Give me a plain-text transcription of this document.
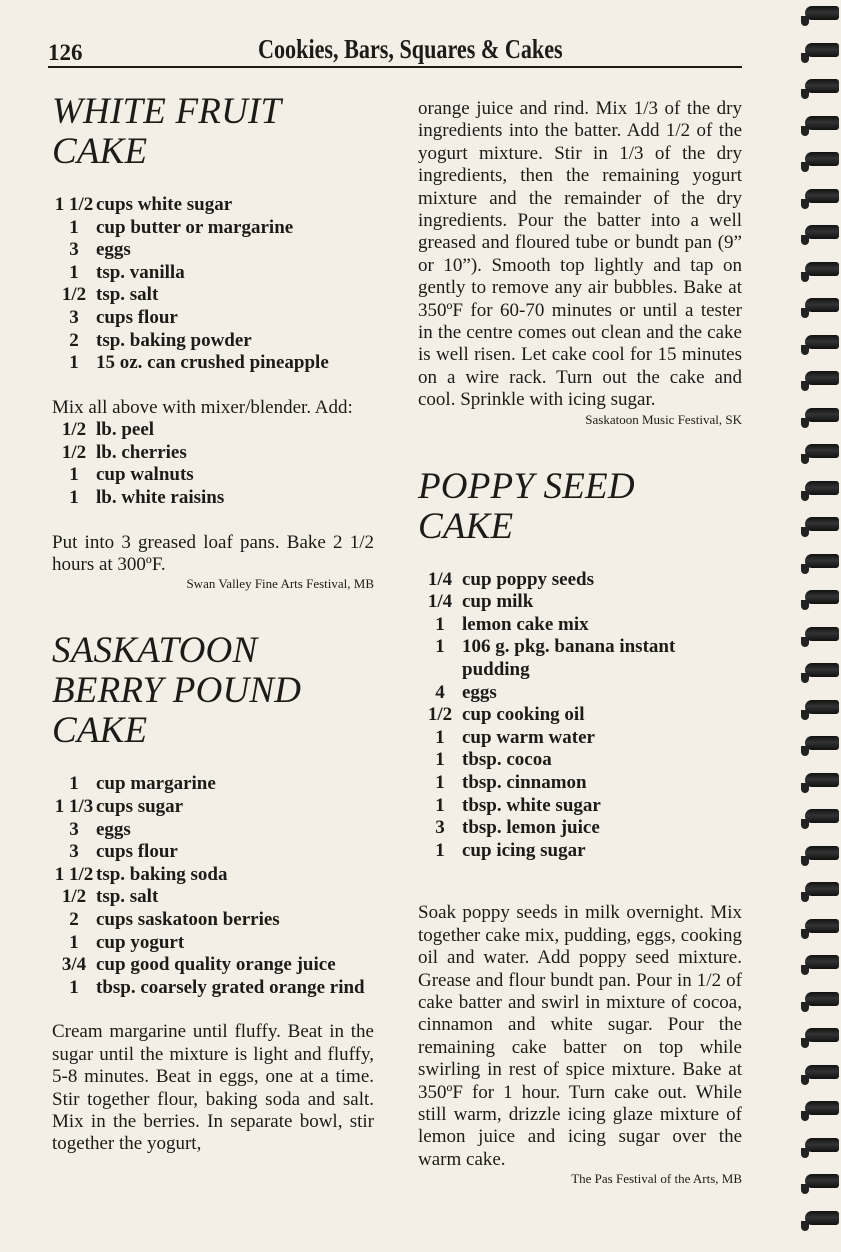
126	Cookies, Bars, Squares & Cakes
WHITE FRUIT
CAKE
1 1/2 cups white sugar
1 cup butter or margarine
3 eggs
1 tsp. vanilla
1/2 tsp. salt
3 cups flour
2 tsp. baking powder
1 15 oz. can crushed pineapple

Mix all above with mixer/blender. Add:

1/2 lb. peel
1/2 lb. cherries
1 cup walnuts
1 lb. white raisins

Put into 3 greased loaf pans. Bake 2 1/2 hours at 300ºF.

Swan Valley Fine Arts Festival, MB

SASKATOON
BERRY POUND
CAKE
1 cup margarine
1 1/3 cups sugar
3 eggs
3 cups flour
1 1/2 tsp. baking soda
1/2 tsp. salt
2 cups saskatoon berries
1 cup yogurt
3/4 cup good quality orange juice
1 tbsp. coarsely grated orange rind

Cream margarine until fluffy. Beat in the sugar until the mixture is light and fluffy, 5-8 minutes. Beat in eggs, one at a time. Stir together flour, baking soda and salt. Mix in the berries. In separate bowl, stir together the yogurt,

orange juice and rind. Mix 1/3 of the dry ingredients into the batter. Add 1/2 of the yogurt mixture. Stir in 1/3 of the dry ingredients, then the remaining yogurt mixture and the remainder of the dry ingredients. Pour the batter into a well greased and floured tube or bundt pan (9” or 10”). Smooth top lightly and tap on gently to remove any air bubbles. Bake at 350ºF for 60-70 minutes or until a tester in the centre comes out clean and the cake is well risen. Let cake cool for 15 minutes on a wire rack. Turn out the cake and cool. Sprinkle with icing sugar.

Saskatoon Music Festival, SK

POPPY SEED
CAKE
1/4 cup poppy seeds
1/4 cup milk
1 lemon cake mix
1 106 g. pkg. banana instant pudding
4 eggs
1/2 cup cooking oil
1 cup warm water
1 tbsp. cocoa
1 tbsp. cinnamon
1 tbsp. white sugar
3 tbsp. lemon juice
1 cup icing sugar

Soak poppy seeds in milk overnight. Mix together cake mix, pudding, eggs, cooking oil and water. Add poppy seed mixture. Grease and flour bundt pan. Pour in 1/2 of cake batter and swirl in mixture of cocoa, cinnamon and white sugar. Pour the remaining cake batter on top while swirling in rest of spice mixture. Bake at 350ºF for 1 hour. Turn cake out. While still warm, drizzle icing glaze mixture of lemon juice and icing sugar over the warm cake.

The Pas Festival of the Arts, MB
